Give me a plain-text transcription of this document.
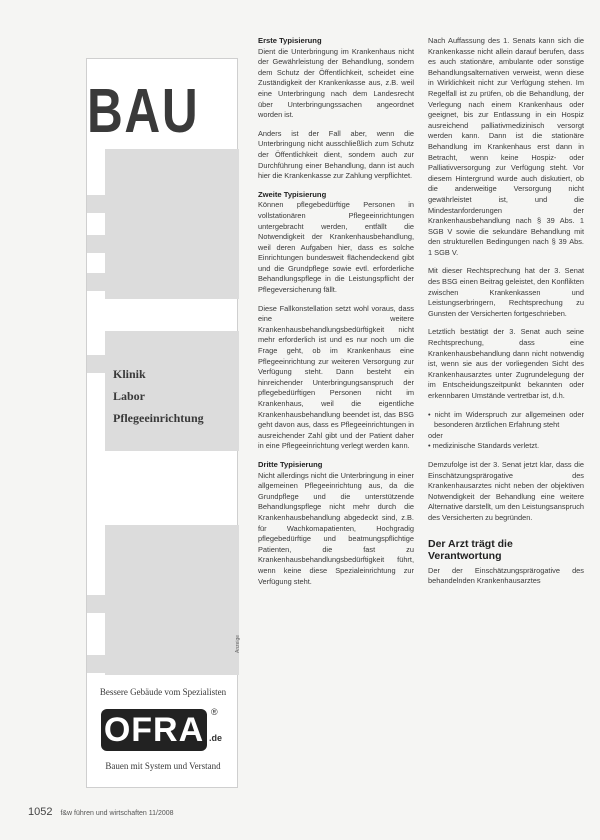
BAU
Klinik
Labor
Pflegeeinrichtung
Anzeige
Bessere Gebäude vom Spezialisten
OFRA ®
.de
Bauen mit System und Verstand
Erste Typisierung

Dient die Unterbringung im Krankenhaus nicht der Gewährleistung der Behandlung, sondern dem Schutz der Öffentlichkeit, scheidet eine Zuständigkeit der Krankenkasse aus, z.B. weil eine Unterbringung nach dem Landesrecht über Unterbringungssachen angeordnet worden ist.

Anders ist der Fall aber, wenn die Unterbringung nicht ausschließlich zum Schutz der Öffentlichkeit dient, sondern auch zur Durchführung einer Behandlung, dann ist auch hier die Krankenkasse zur Zahlung verpflichtet.

Zweite Typisierung

Können pflegebedürftige Personen in vollstationären Pflegeeinrichtungen untergebracht werden, entfällt die Notwendigkeit der Krankenhausbehandlung, weil deren Aufgaben hier, dass es solche Einrichtungen bundesweit flächendeckend gibt und die Grundpflege sowie evtl. erforderliche Behandlungspflege in die Leistungspflicht der Pflegeversicherung fällt.

Diese Fallkonstellation setzt wohl voraus, dass eine weitere Krankenhausbehandlungsbedürftigkeit nicht mehr erforderlich ist und es nur noch um die Frage geht, ob im Krankenhaus eine Pflegeeinrichtung zur weiteren Versorgung zur Verfügung steht. Dann besteht ein hinreichender Unterbringungsanspruch der pflegebedürftigen Personen nicht im Krankenhaus, weil die eigentliche Krankenhausbehandlung beendet ist, das BSG geht davon aus, dass es Pflegeeinrichtungen in ausreichender Zahl gibt und der Patient daher in eine Pflegeeinrichtung verlegt werden kann.

Dritte Typisierung

Nicht allerdings nicht die Unterbringung in einer allgemeinen Pflegeeinrichtung aus, da die Grundpflege und die unterstützende Behandlungspflege nicht mehr durch die Krankenhausbehandlung abgedeckt sind, z.B. für Wachkomapatienten, Hochgradig pflegebedürftige und beatmungspflichtige Patienten, die fast zu Krankenhausbehandlungsbedürftigkeit führt, wenn keine diese Spezialeinrichtung zur Verfügung steht.

Nach Auffassung des 1. Senats kann sich die Krankenkasse nicht allein darauf berufen, dass es auch stationäre, ambulante oder sonstige Behandlungsalternativen verweist, wenn diese in Wirklichkeit nicht zur Verfügung stehen. Im Regelfall ist zu prüfen, ob die Behandlung, der Verlegung nach einem Krankenhaus oder geeignet, bis zur Entlassung in ein Hospiz ausreichend palliativmedizinisch versorgt werden kann. Dann ist die stationäre Behandlung im Krankenhaus erst dann in Betracht, wenn keine Hospiz- oder Palliativversorgung zur Verfügung steht. Vor diesem Hintergrund wurde auch diskutiert, ob die anderweitige Versorgung nicht gewährleistet ist, und die Mindestanforderungen der Krankenhausbehandlung nach § 39 Abs. 1 SGB V sowie die sekundäre Behandlung mit den strukturellen Bedingungen nach § 39 Abs. 1 SGB V.

Mit dieser Rechtsprechung hat der 3. Senat des BSG einen Beitrag geleistet, den Konflikten zwischen Krankenkassen und Leistungserbringern, Rechtsprechung zu Gunsten der Versicherten fortgeschrieben.

Letztlich bestätigt der 3. Senat auch seine Rechtsprechung, dass eine Krankenhausbehandlung dann nicht notwendig ist, wenn sie aus der vorliegenden Sicht des Krankenhausarztes unter Zugrundelegung der im Entscheidungszeitpunkt bekannten oder erkennbaren Umstände vertretbar ist, d.h.

• nicht im Widerspruch zur allgemeinen oder besonderen ärztlichen Erfahrung steht
oder
• medizinische Standards verletzt.

Demzufolge ist der 3. Senat jetzt klar, dass die Einschätzungsprärogative des Krankenhausarztes nicht neben der objektiven Notwendigkeit der Behandlung eine weitere Alternative darstellt, um den Leistungsanspruch des Versicherten zu begründen.

Der Arzt trägt die Verantwortung

Der der Einschätzungsprärogative des behandelnden Krankenhausarztes

1052 f&w führen und wirtschaften 11/2008
